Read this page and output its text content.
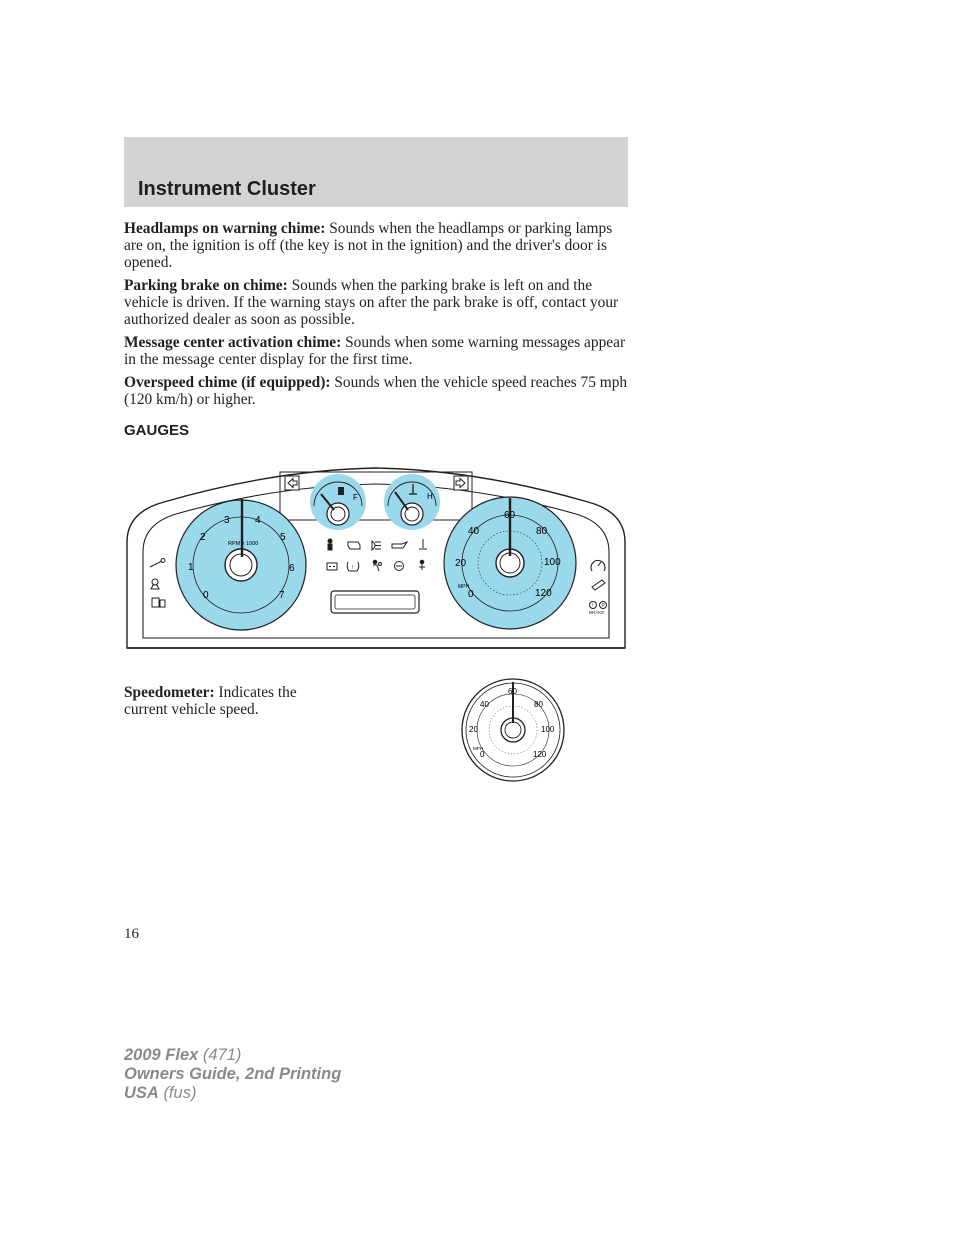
Instrument Cluster

Headlamps on warning chime: Sounds when the headlamps or parking lamps are on, the ignition is off (the key is not in the ignition) and the driver's door is opened.

Parking brake on chime: Sounds when the parking brake is left on and the vehicle is driven. If the warning stays on after the park brake is off, contact your authorized dealer as soon as possible.

Message center activation chime: Sounds when some warning messages appear in the message center display for the first time.

Overspeed chime (if equipped): Sounds when the vehicle speed reaches 75 mph (120 km/h) or higher.

GAUGES
F	H
0
1
2
3	4
5
6
7
RPM x 1000
0
20
40
60
80
100
120
MPH
!
! P
BRAKE

Speedometer: Indicates the current vehicle speed.

0
20
40
60
80
100
120
MPH
16
2009 Flex (471)
Owners Guide, 2nd Printing
USA (fus)
